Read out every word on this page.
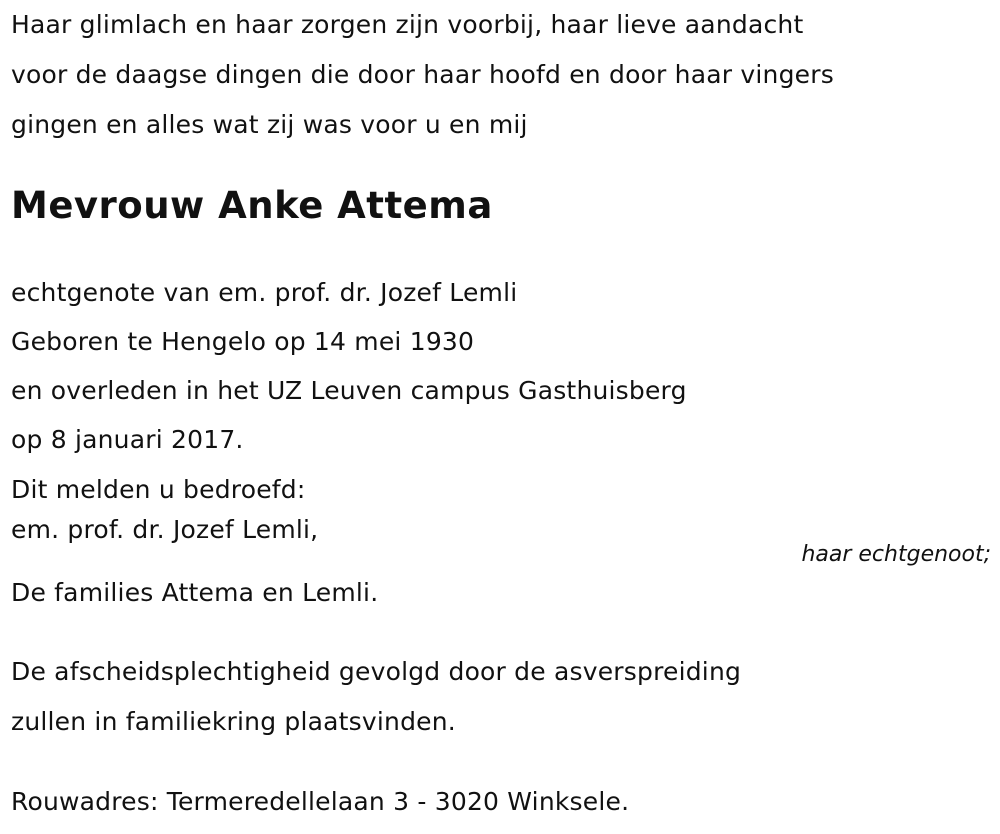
Haar glimlach en haar zorgen zijn voorbij, haar lieve aandacht
voor de daagse dingen die door haar hoofd en door haar vingers
gingen en alles wat zij was voor u en mij
Mevrouw Anke Attema
echtgenote van em. prof. dr. Jozef Lemli
Geboren te Hengelo op 14 mei 1930
en overleden in het UZ Leuven campus Gasthuisberg
op 8 januari 2017.
Dit melden u bedroefd:
em. prof. dr. Jozef Lemli,
haar echtgenoot;
De families Attema en Lemli.
De afscheidsplechtigheid gevolgd door de asverspreiding
zullen in familiekring plaatsvinden.
Rouwadres: Termeredellelaan 3 - 3020 Winksele.
